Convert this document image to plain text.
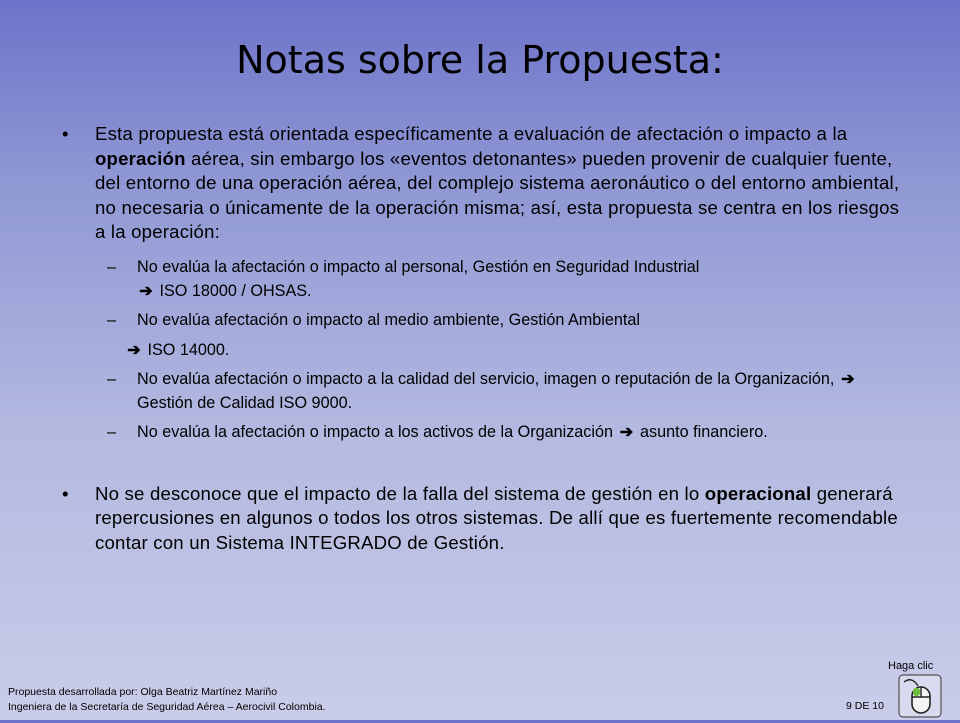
Notas sobre la Propuesta:
• Esta propuesta está orientada específicamente a evaluación de afectación o impacto a la operación aérea, sin embargo los «eventos detonantes» pueden provenir de cualquier fuente, del entorno de una operación aérea, del complejo sistema aeronáutico o del entorno ambiental, no necesaria o únicamente de la operación misma; así, esta propuesta se centra en los riesgos a la operación:
– No evalúa la afectación o impacto al personal, Gestión en Seguridad Industrial
➔ ISO 18000 / OHSAS.
– No evalúa afectación o impacto al medio ambiente, Gestión Ambiental
➔ ISO 14000.
– No evalúa afectación o impacto a la calidad del servicio, imagen o reputación de la Organización, ➔ Gestión de Calidad ISO 9000.
– No evalúa la afectación o impacto a los activos de la Organización ➔ asunto financiero.
• No se desconoce que el impacto de la falla del sistema de gestión en lo operacional generará repercusiones en algunos o todos los otros sistemas. De allí que es fuertemente recomendable contar con un Sistema INTEGRADO de Gestión.
Propuesta desarrollada por: Olga Beatriz Martínez Mariño
Ingeniera de la Secretaría de Seguridad Aérea – Aerocivil Colombia.	9 DE 10
Haga clic
